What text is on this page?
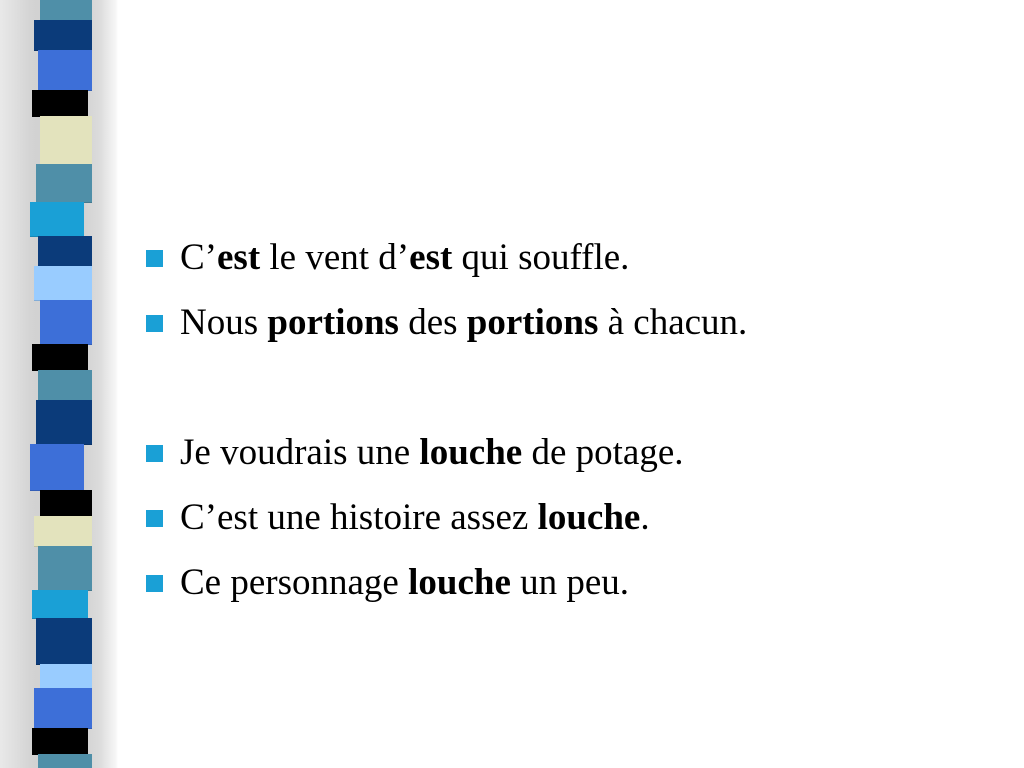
C’est le vent d’est qui souffle.
Nous portions des portions à chacun.
Je voudrais une louche de potage.
C’est une histoire assez louche.
Ce personnage louche un peu.
